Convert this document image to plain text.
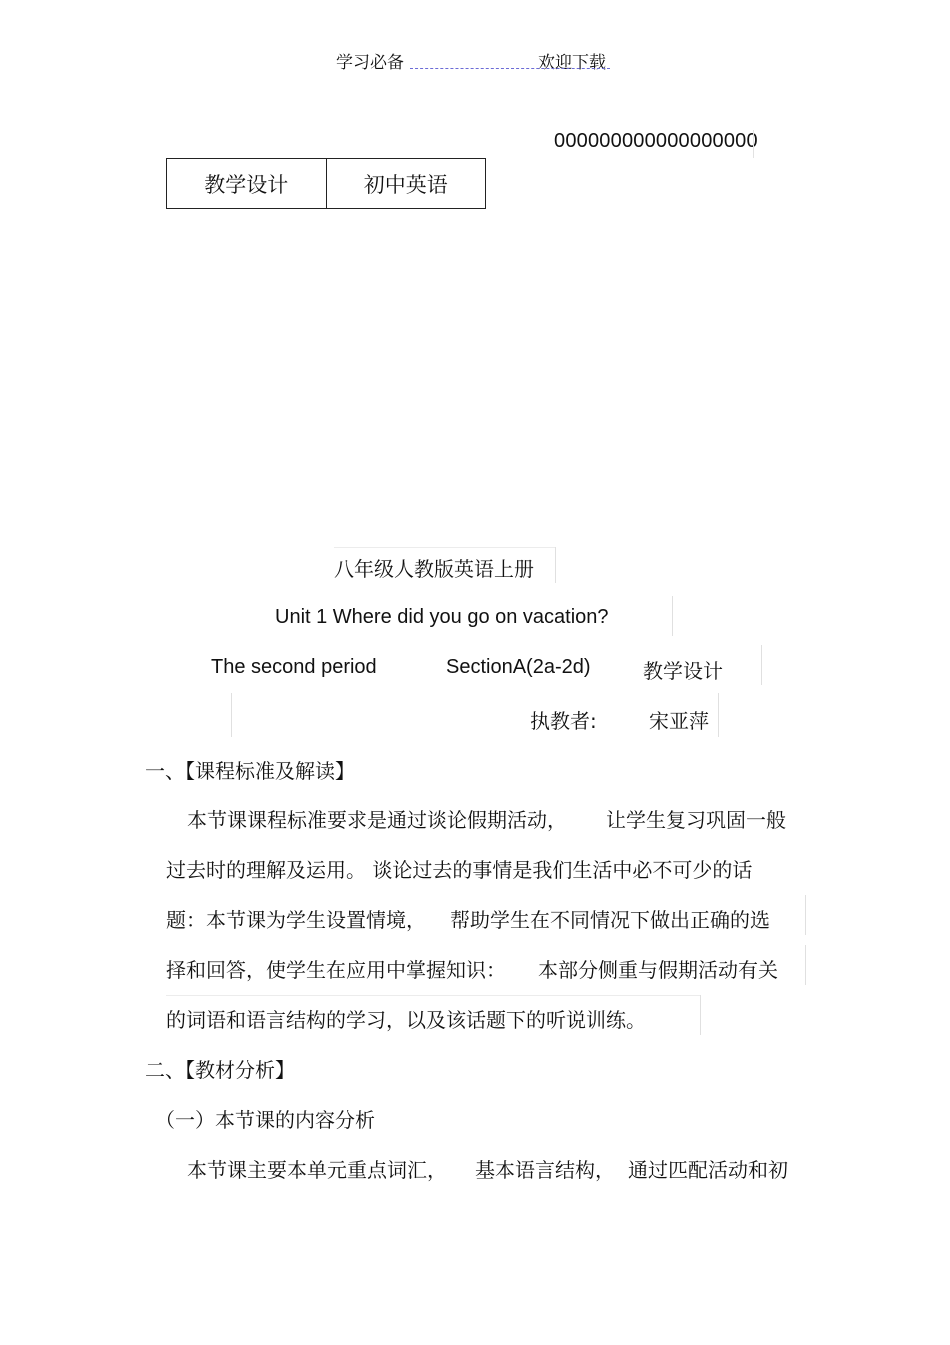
学习必备	欢迎下载
000000000000000000
教学设计	初中英语
八年级人教版英语上册
Unit 1 Where did you go on vacation?
The second period	SectionA(2a-2d)	教学设计
执教者:	宋亚萍
一、【课程标准及解读】
本节课课程标准要求是通过谈论假期活动， 让学生复习巩固一般
过去时的理解及运用。 谈论过去的事情是我们生活中必不可少的话
题：本节课为学生设置情境， 帮助学生在不同情况下做出正确的选
择和回答，使学生在应用中掌握知识： 本部分侧重与假期活动有关
的词语和语言结构的学习，以及该话题下的听说训练。
二、【教材分析】
（一）本节课的内容分析
本节课主要本单元重点词汇， 基本语言结构， 通过匹配活动和初
